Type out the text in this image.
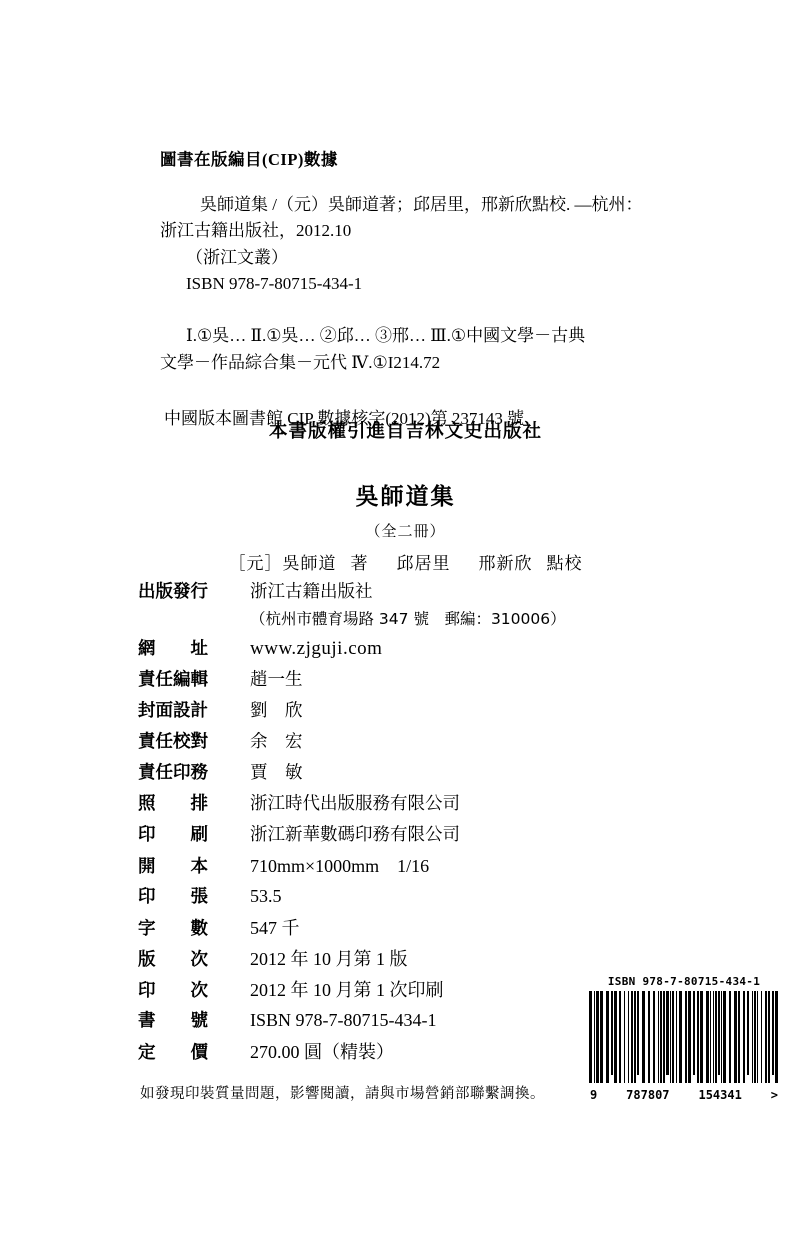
圖書在版編目(CIP)數據
吳師道集 /（元）吳師道著；邱居里，邢新欣點校. —杭州：
浙江古籍出版社，2012.10
（浙江文叢）
ISBN 978-7-80715-434-1
Ⅰ.①吳… Ⅱ.①吳… ②邱… ③邢… Ⅲ.①中國文學－古典
文學－作品綜合集－元代 Ⅳ.①I214.72
中國版本圖書館 CIP 數據核字(2012)第 237143 號
本書版權引進自吉林文史出版社
吳師道集
（全二冊）
［元］吳師道 著 邱居里 邢新欣 點校
出版發行	浙江古籍出版社
（杭州市體育場路 347 號　郵編：310006）
網　　址	www.zjguji.com
責任編輯	趙一生
封面設計	劉　欣
責任校對	余　宏
責任印務	賈　敏
照　　排	浙江時代出版服務有限公司
印　　刷	浙江新華數碼印務有限公司
開　　本	710mm×1000mm　1/16
印　　張	53.5
字　　數	547 千
版　　次	2012 年 10 月第 1 版
印　　次	2012 年 10 月第 1 次印刷
書　　號	ISBN 978-7-80715-434-1
定　　價	270.00 圓（精裝）
如發現印裝質量問題，影響閱讀，請與市場營銷部聯繫調換。
ISBN 978-7-80715-434-1
9 787807 154341 >
